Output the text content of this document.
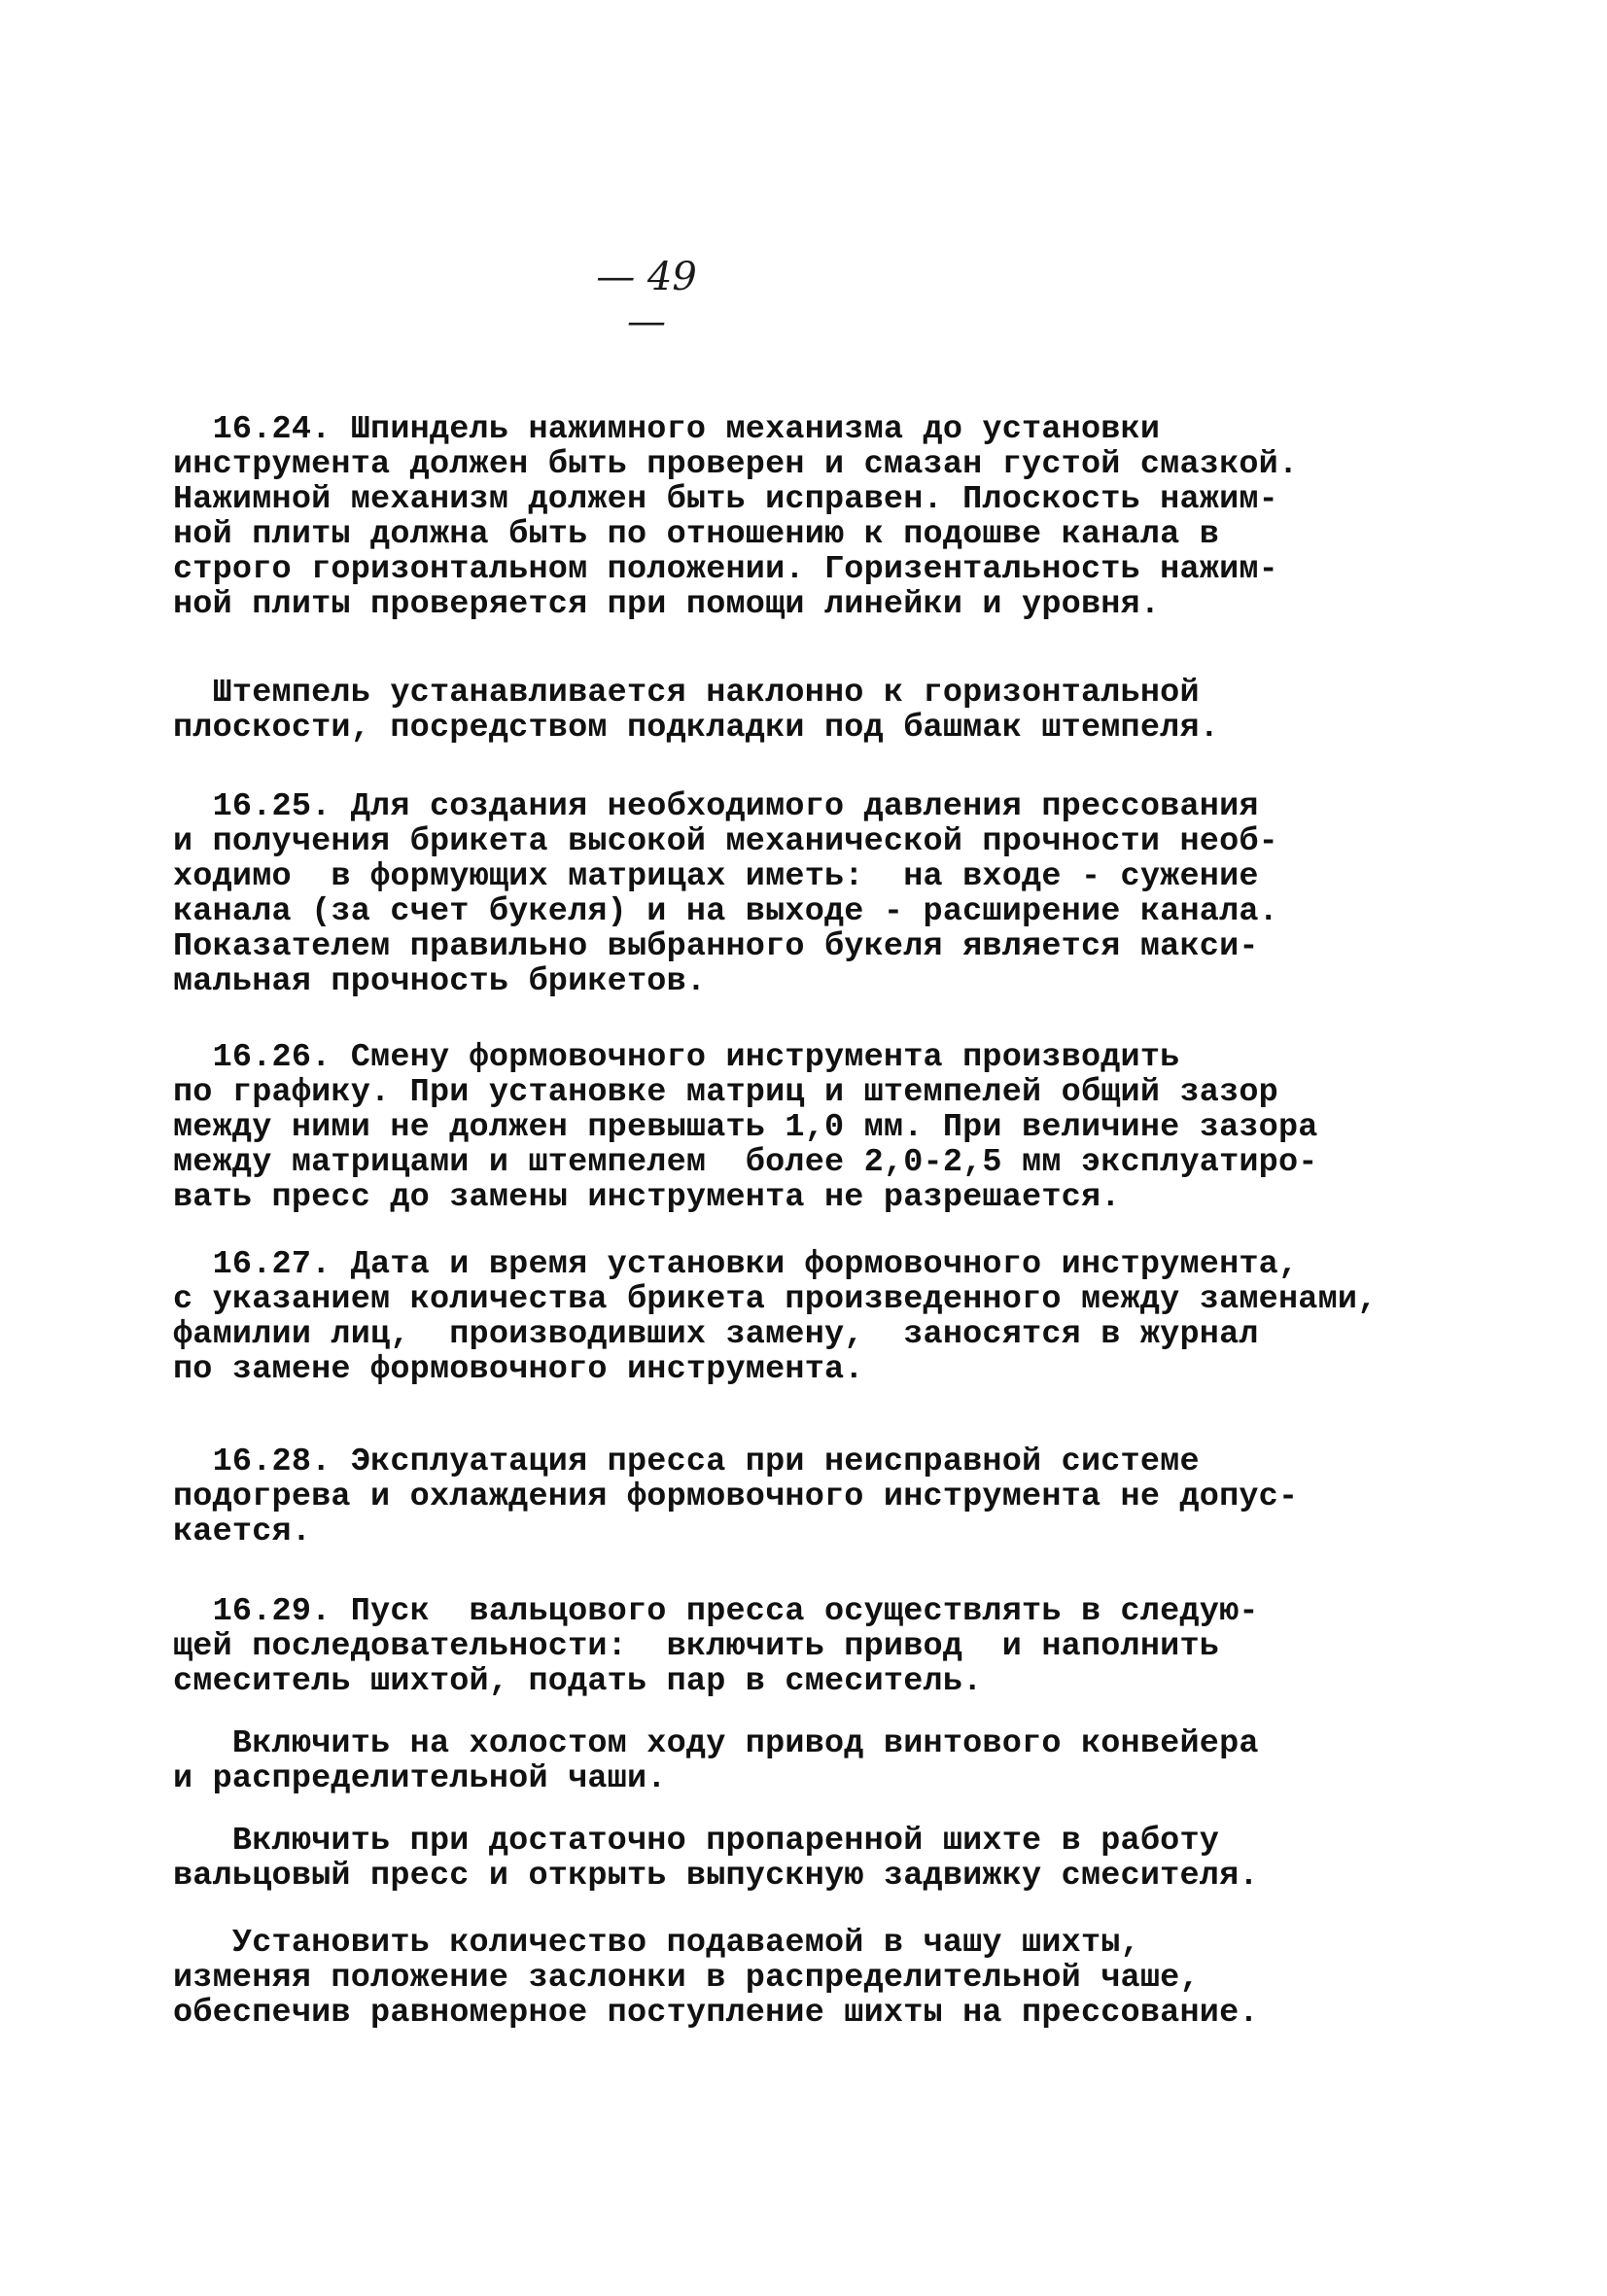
— 49 —
16.24. Шпиндель нажимного механизма до установки
инструмента должен быть проверен и смазан густой смазкой.
Нажимной механизм должен быть исправен. Плоскость нажим-
ной плиты должна быть по отношению к подошве канала в
строго горизонтальном положении. Горизентальность нажим-
ной плиты проверяется при помощи линейки и уровня.
Штемпель устанавливается наклонно к горизонтальной
плоскости, посредством подкладки под башмак штемпеля.
16.25. Для создания необходимого давления прессования
и получения брикета высокой механической прочности необ-
ходимо  в формующих матрицах иметь:  на входе - сужение
канала (за счет букеля) и на выходе - расширение канала.
Показателем правильно выбранного букеля является макси-
мальная прочность брикетов.
16.26. Смену формовочного инструмента производить
по графику. При установке матриц и штемпелей общий зазор
между ними не должен превышать 1,0 мм. При величине зазора
между матрицами и штемпелем  более 2,0-2,5 мм эксплуатиро-
вать пресс до замены инструмента не разрешается.
16.27. Дата и время установки формовочного инструмента,
с указанием количества брикета произведенного между заменами,
фамилии лиц,  производивших замену,  заносятся в журнал
по замене формовочного инструмента.
16.28. Эксплуатация пресса при неисправной системе
подогрева и охлаждения формовочного инструмента не допус-
кается.
16.29. Пуск  вальцового пресса осуществлять в следую-
щей последовательности:  включить привод  и наполнить
смеситель шихтой, подать пар в смеситель.
Включить на холостом ходу привод винтового конвейера
и распределительной чаши.
Включить при достаточно пропаренной шихте в работу
вальцовый пресс и открыть выпускную задвижку смесителя.
Установить количество подаваемой в чашу шихты,
изменяя положение заслонки в распределительной чаше,
обеспечив равномерное поступление шихты на прессование.
